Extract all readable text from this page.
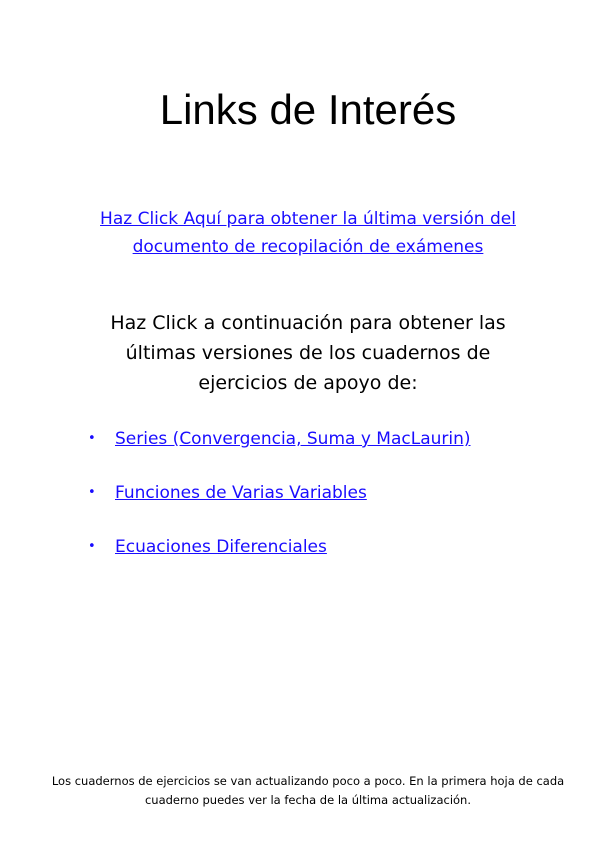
Links de Interés
Haz Click Aquí para obtener la última versión del
documento de recopilación de exámenes

Haz Click a continuación para obtener las
últimas versiones de los cuadernos de
ejercicios de apoyo de:

• Series (Convergencia, Suma y MacLaurin)
• Funciones de Varias Variables
• Ecuaciones Diferenciales

Los cuadernos de ejercicios se van actualizando poco a poco. En la primera hoja de cada
cuaderno puedes ver la fecha de la última actualización.
